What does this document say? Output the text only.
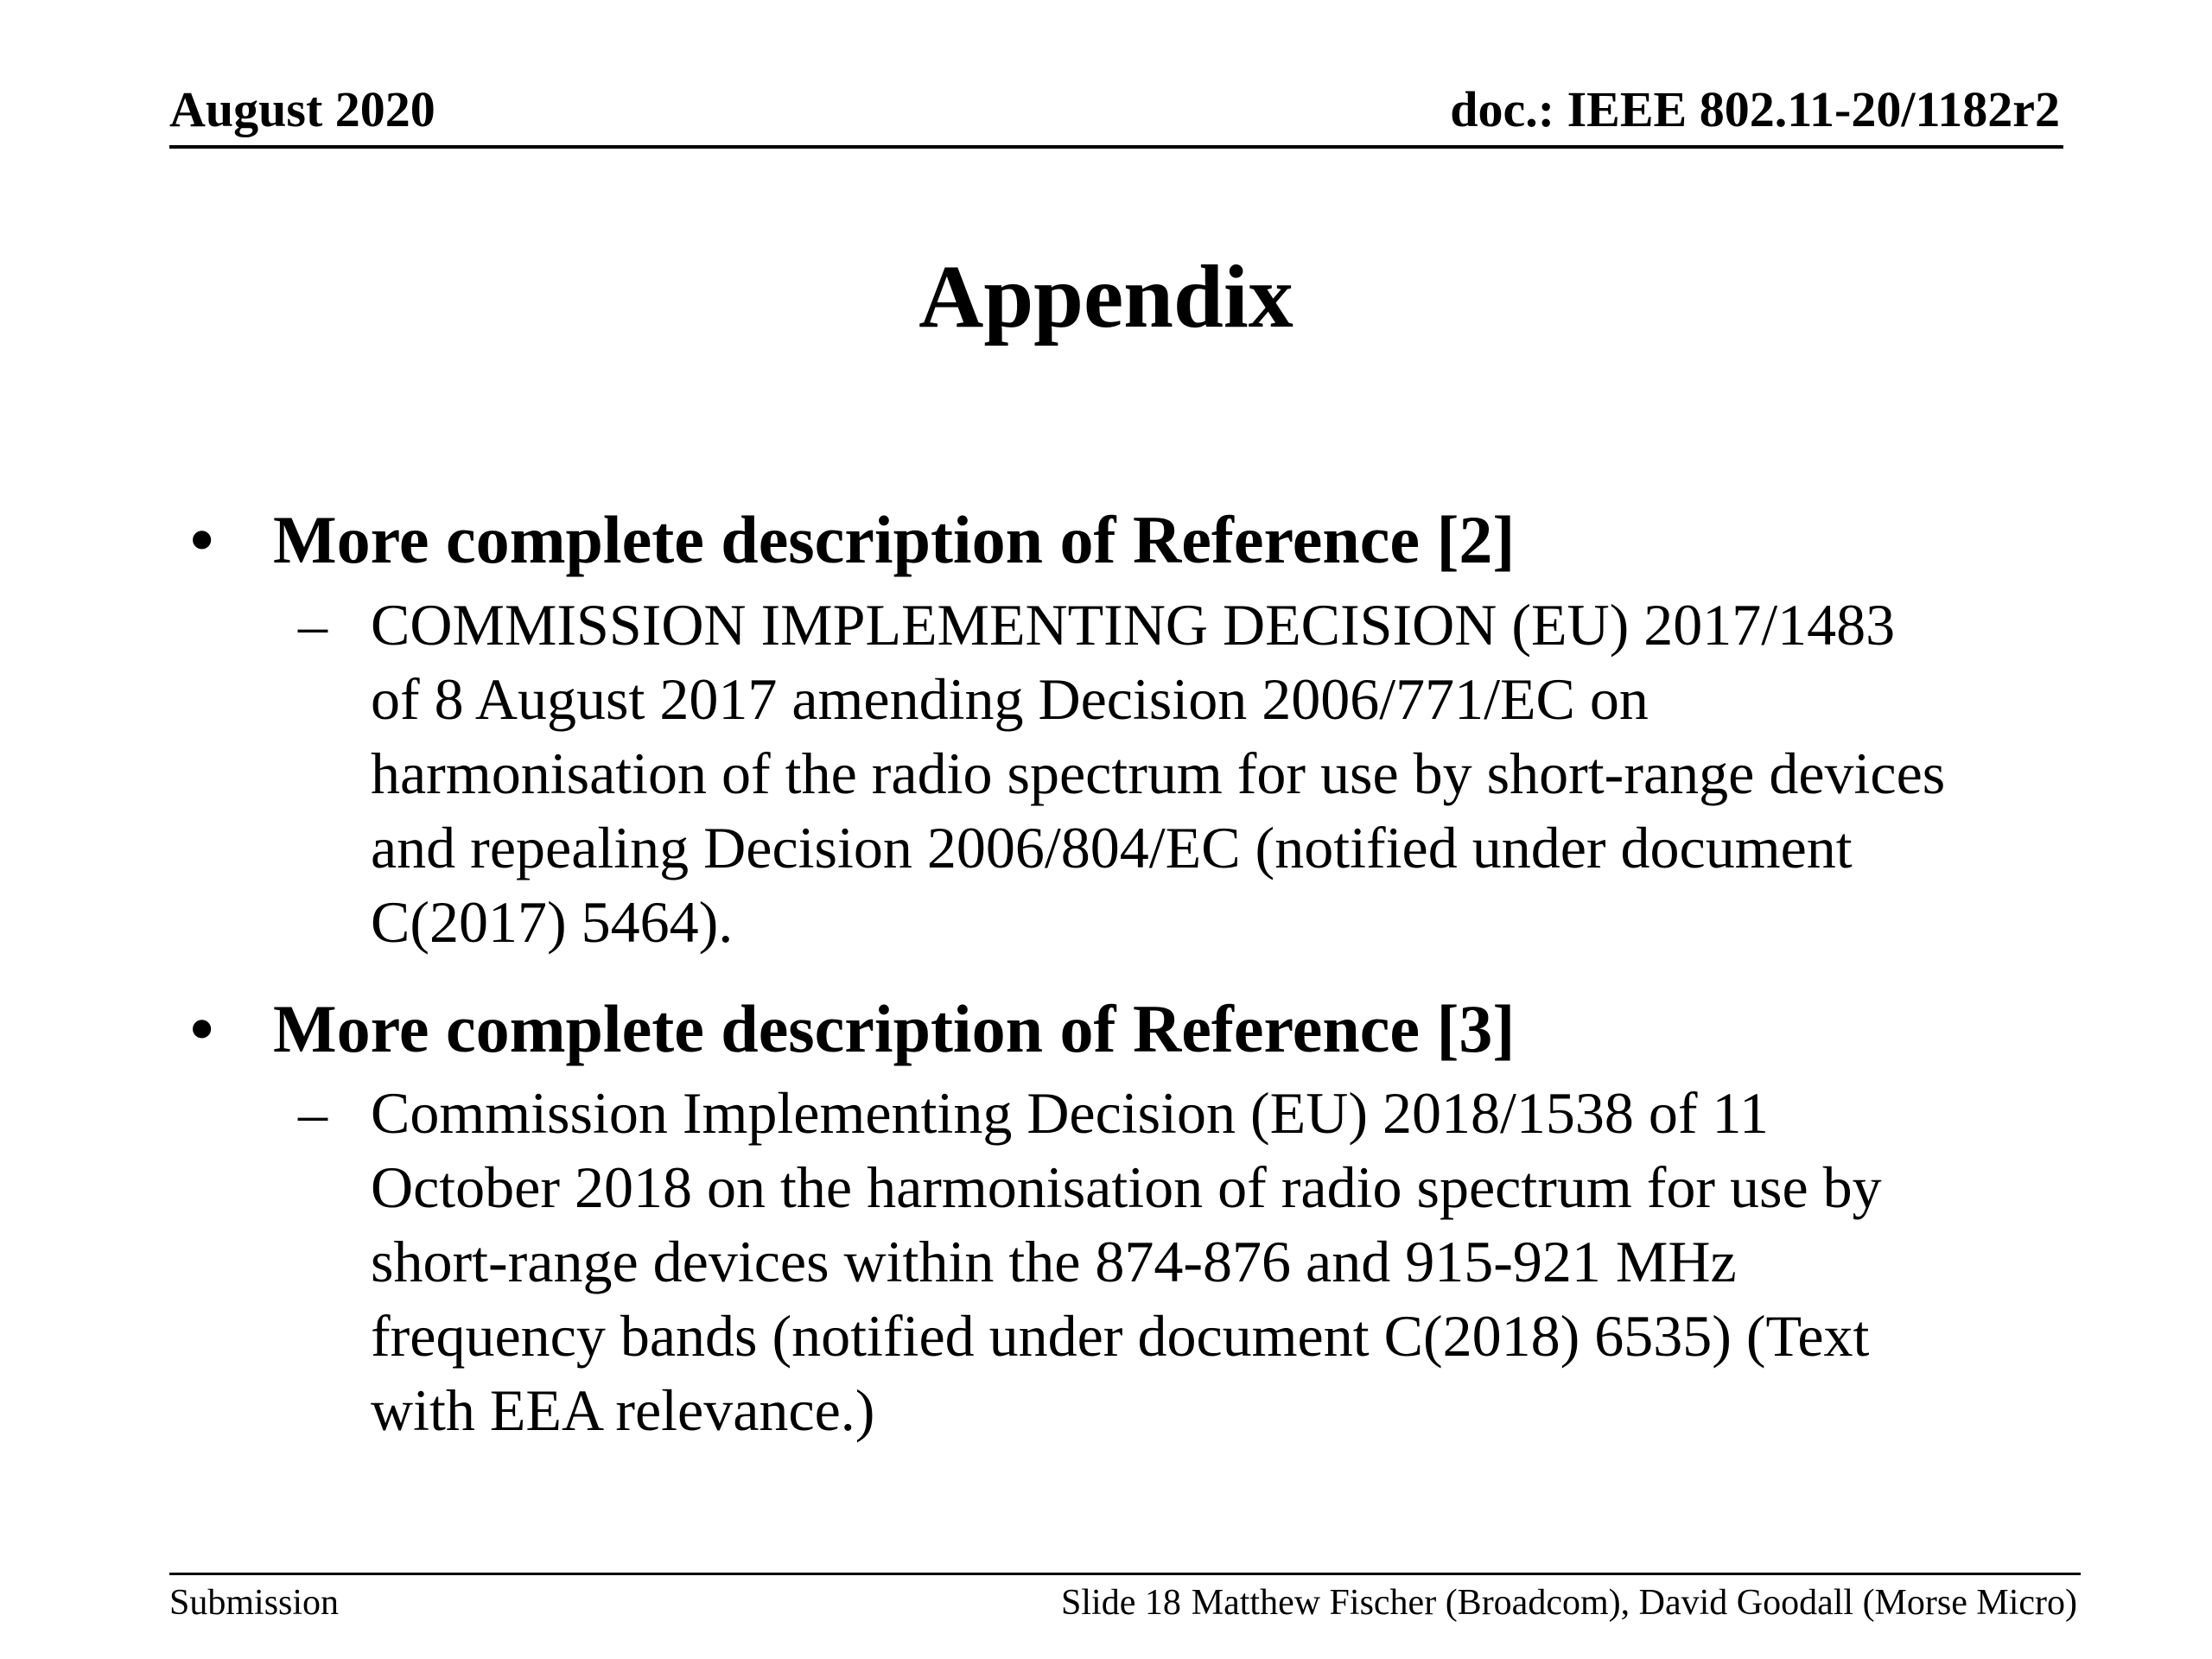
August 2020	doc.: IEEE 802.11-20/1182r2
Appendix
• More complete description of Reference [2]
– COMMISSION IMPLEMENTING DECISION (EU) 2017/1483
of 8 August 2017 amending Decision 2006/771/EC on
harmonisation of the radio spectrum for use by short-range devices
and repealing Decision 2006/804/EC (notified under document
C(2017) 5464).
• More complete description of Reference [3]
– Commission Implementing Decision (EU) 2018/1538 of 11
October 2018 on the harmonisation of radio spectrum for use by
short-range devices within the 874-876 and 915-921 MHz
frequency bands (notified under document C(2018) 6535) (Text
with EEA relevance.)
Submission	Slide 18 Matthew Fischer (Broadcom), David Goodall (Morse Micro)
